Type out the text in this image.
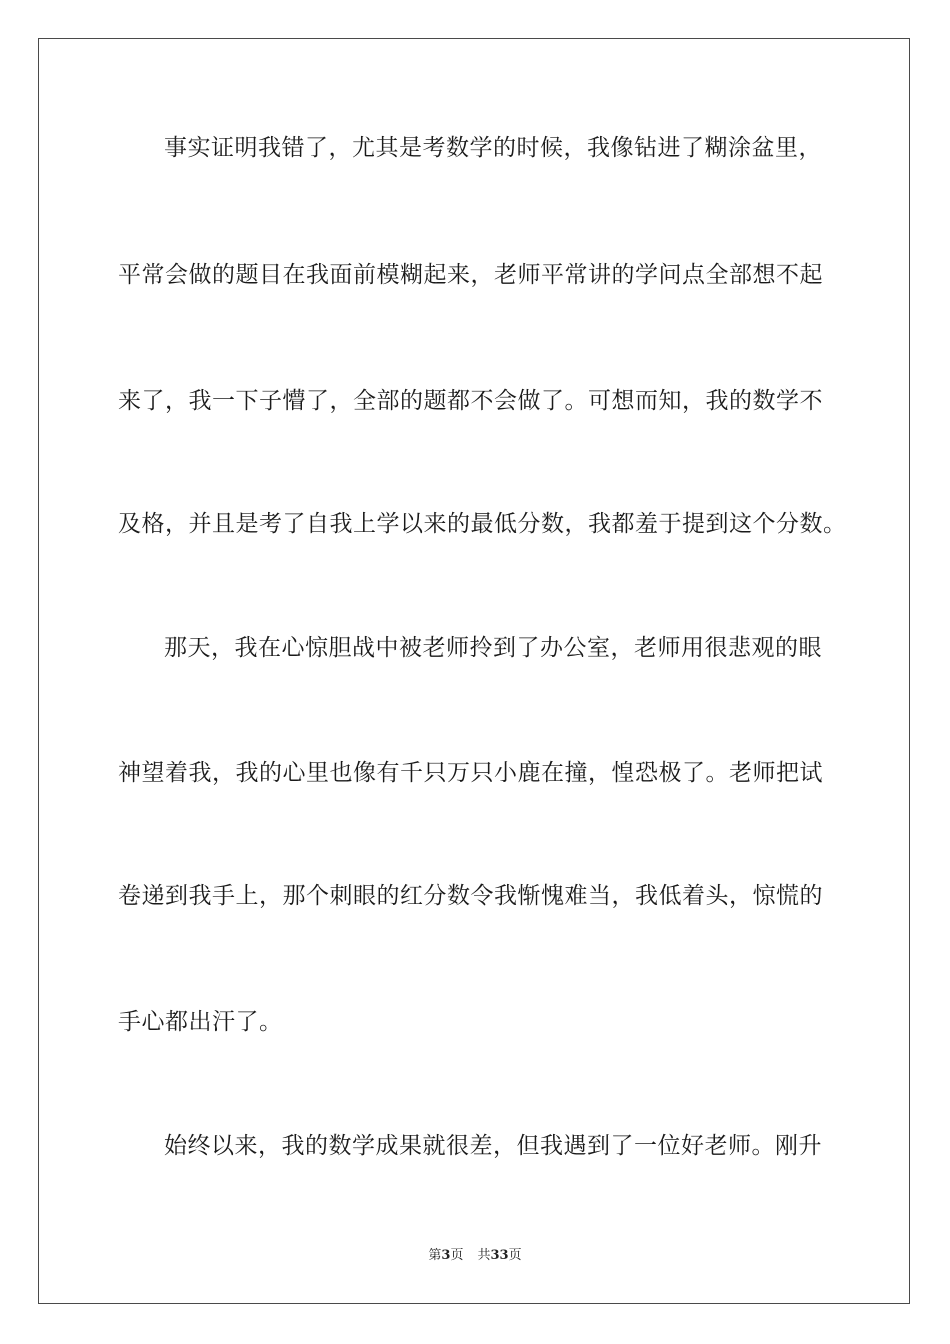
事实证明我错了，尤其是考数学的时候，我像钻进了糊涂盆里，
平常会做的题目在我面前模糊起来，老师平常讲的学问点全部想不起
来了，我一下子懵了，全部的题都不会做了。可想而知，我的数学不
及格，并且是考了自我上学以来的最低分数，我都羞于提到这个分数。
那天，我在心惊胆战中被老师拎到了办公室，老师用很悲观的眼
神望着我，我的心里也像有千只万只小鹿在撞，惶恐极了。老师把试
卷递到我手上，那个刺眼的红分数令我惭愧难当，我低着头，惊慌的
手心都出汗了。
始终以来，我的数学成果就很差，但我遇到了一位好老师。刚升
第3页 共33页
